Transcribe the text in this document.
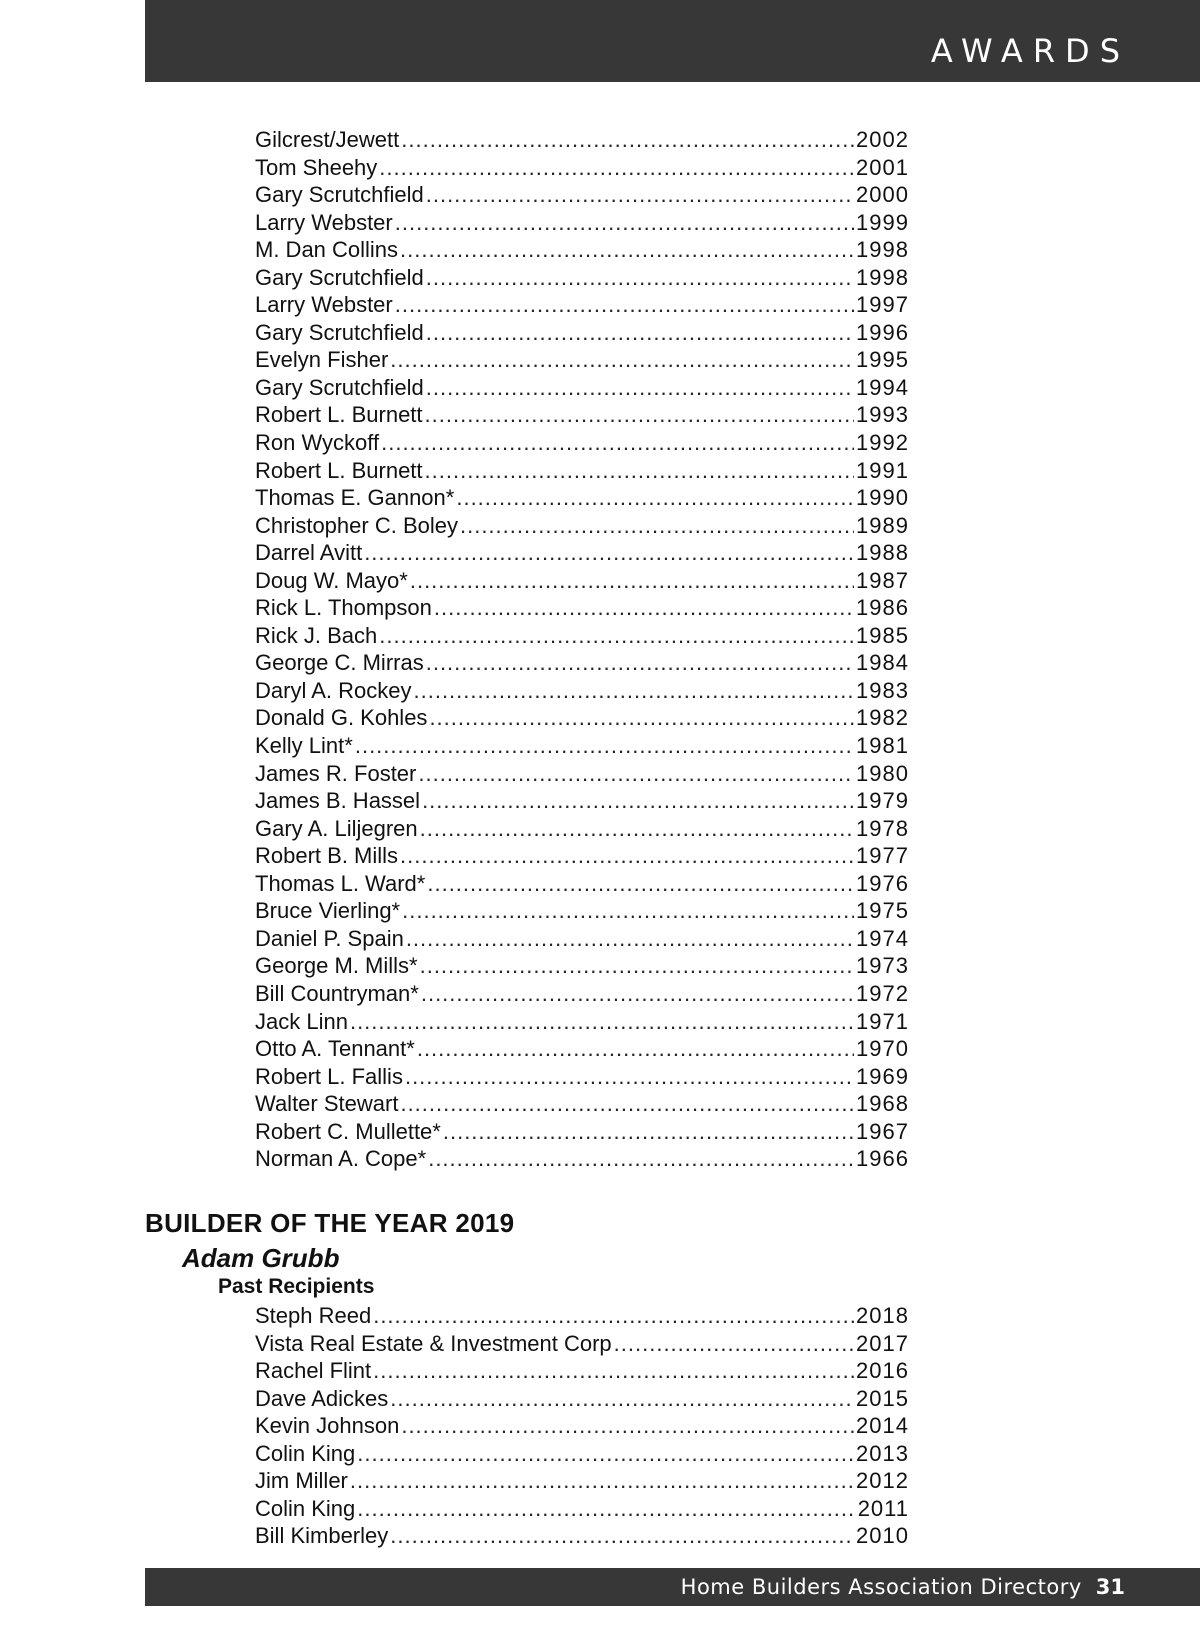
AWARDS
Gilcrest/Jewett .....	2002
Tom Sheehy .....	2001
Gary Scrutchfield .....	2000
Larry Webster .....	1999
M. Dan Collins .....	1998
Gary Scrutchfield .....	1998
Larry Webster .....	1997
Gary Scrutchfield .....	1996
Evelyn Fisher .....	1995
Gary Scrutchfield .....	1994
Robert L. Burnett .....	1993
Ron Wyckoff .....	1992
Robert L. Burnett .....	1991
Thomas E. Gannon* .....	1990
Christopher C. Boley .....	1989
Darrel Avitt .....	1988
Doug W. Mayo* .....	1987
Rick L. Thompson .....	1986
Rick J. Bach .....	1985
George C. Mirras .....	1984
Daryl A. Rockey .....	1983
Donald G. Kohles .....	1982
Kelly Lint* .....	1981
James R. Foster .....	1980
James B. Hassel .....	1979
Gary A. Liljegren .....	1978
Robert B. Mills .....	1977
Thomas L. Ward* .....	1976
Bruce Vierling* .....	1975
Daniel P. Spain .....	1974
George M. Mills* .....	1973
Bill Countryman* .....	1972
Jack Linn .....	1971
Otto A. Tennant* .....	1970
Robert L. Fallis .....	1969
Walter Stewart .....	1968
Robert C. Mullette* .....	1967
Norman A. Cope* .....	1966
BUILDER OF THE YEAR 2019
Adam Grubb
Past Recipients
Steph Reed .....	2018
Vista Real Estate & Investment Corp .....	2017
Rachel Flint .....	2016
Dave Adickes .....	2015
Kevin Johnson .....	2014
Colin King .....	2013
Jim Miller .....	2012
Colin King .....	2011
Bill Kimberley .....	2010
Home Builders Association Directory 31
